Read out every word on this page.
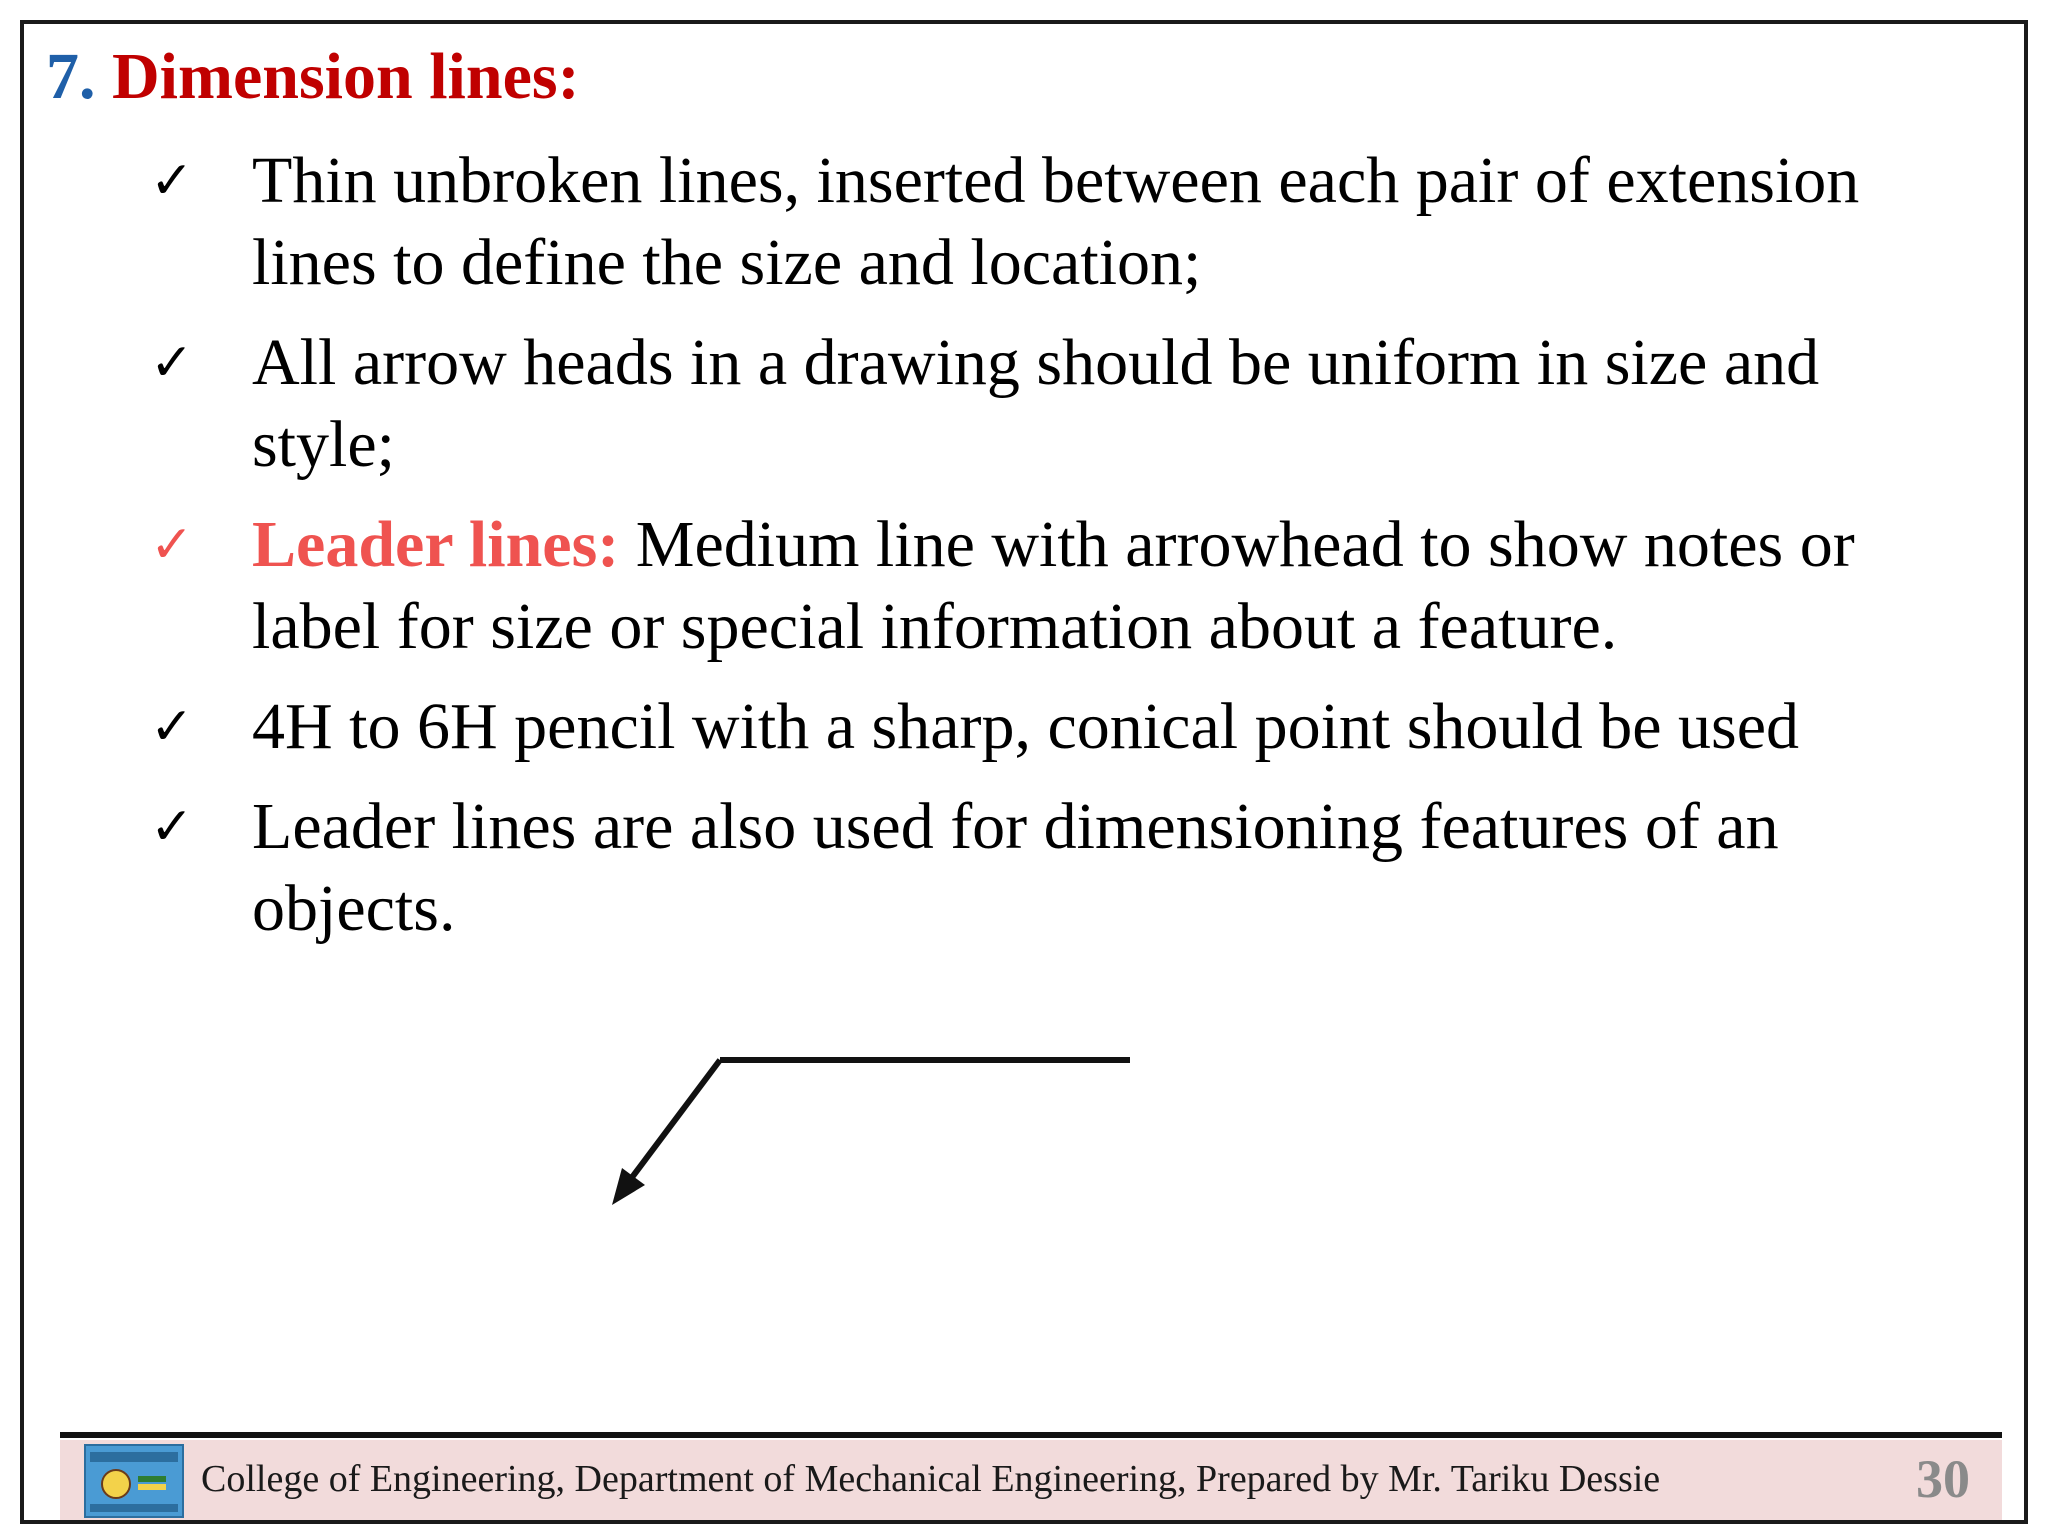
7. Dimension lines:
✓ Thin unbroken lines, inserted between each pair of extension lines to define the size and location;
✓ All arrow heads in a drawing should be uniform in size and style;
✓ Leader lines: Medium line with arrowhead to show notes or label for size or special information about a feature.
✓ 4H to 6H pencil with a sharp, conical point should be used
✓ Leader lines are also used for dimensioning features of an objects.
College of Engineering, Department of Mechanical Engineering, Prepared by Mr. Tariku Dessie	30
